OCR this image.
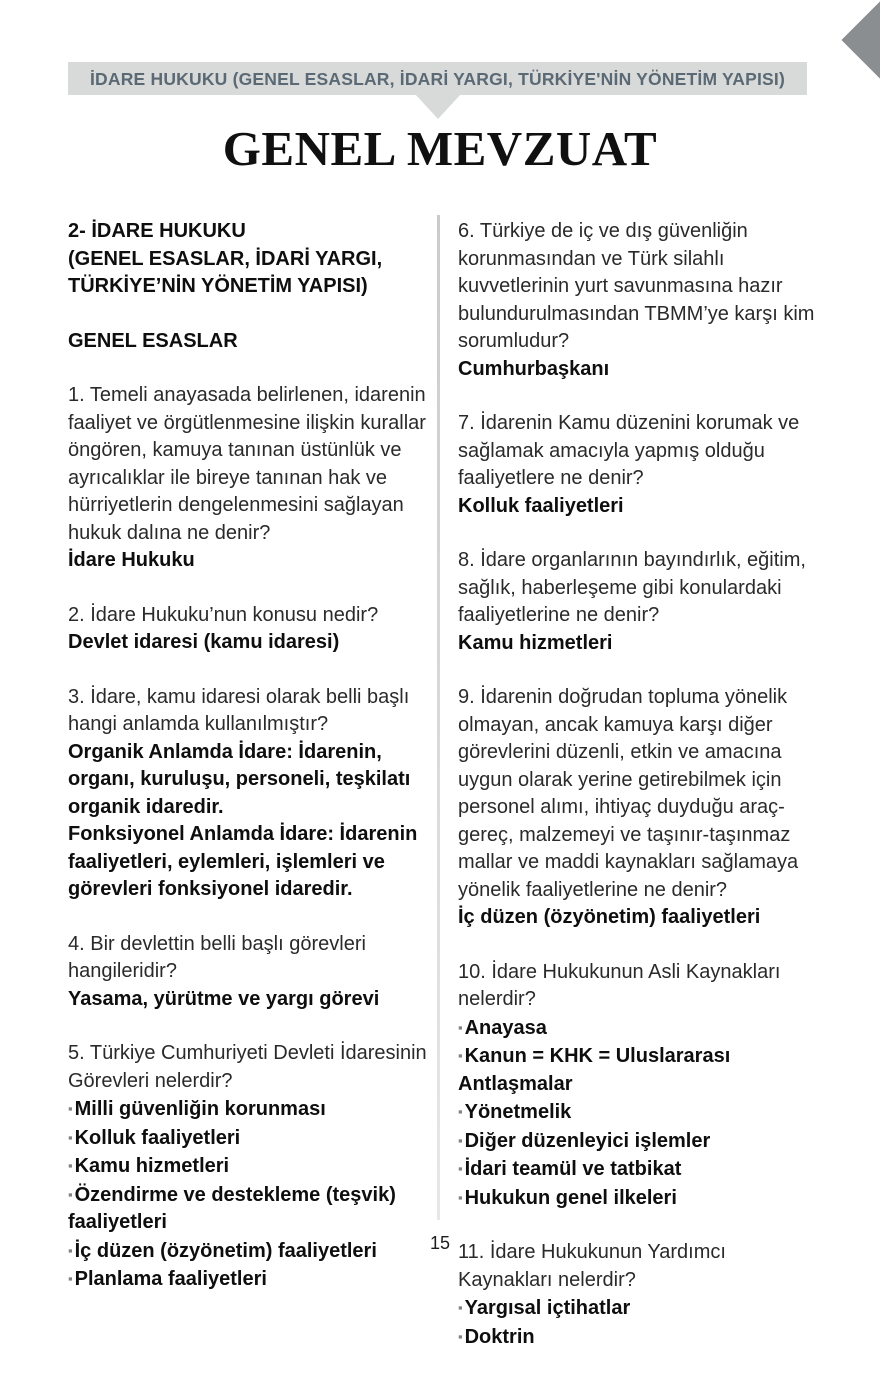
İDARE HUKUKU (GENEL ESASLAR, İDARİ YARGI, TÜRKİYE'NİN YÖNETİM YAPISI)
GENEL MEVZUAT
2- İDARE HUKUKU
(GENEL ESASLAR, İDARİ YARGI,
TÜRKİYE’NİN YÖNETİM YAPISI)
GENEL ESASLAR
1. Temeli anayasada belirlenen, idarenin faaliyet ve örgütlenmesine ilişkin kurallar öngören, kamuya tanınan üstünlük ve ayrıcalıklar ile bireye tanınan hak ve hürriyetlerin dengelenmesini sağlayan hukuk dalına ne denir?
İdare Hukuku
2. İdare Hukuku’nun konusu nedir?
Devlet idaresi (kamu idaresi)
3. İdare, kamu idaresi olarak belli başlı hangi anlamda kullanılmıştır?
Organik Anlamda İdare: İdarenin, organı, kuruluşu, personeli, teşkilatı organik idaredir.
Fonksiyonel Anlamda İdare: İdarenin faaliyetleri, eylemleri, işlemleri ve görevleri fonksiyonel idaredir.
4. Bir devlettin belli başlı görevleri hangileridir?
Yasama, yürütme ve yargı görevi
5. Türkiye Cumhuriyeti Devleti İdaresinin Görevleri nelerdir?
▪ Milli güvenliğin korunması
▪ Kolluk faaliyetleri
▪ Kamu hizmetleri
▪ Özendirme ve destekleme (teşvik) faaliyetleri
▪ İç düzen (özyönetim) faaliyetleri
▪ Planlama faaliyetleri
6. Türkiye de iç ve dış güvenliğin korunmasından ve Türk silahlı kuvvetlerinin yurt savunmasına hazır bulundurulmasından TBMM’ye karşı kim sorumludur?
Cumhurbaşkanı
7. İdarenin Kamu düzenini korumak ve sağlamak amacıyla yapmış olduğu faaliyetlere ne denir?
Kolluk faaliyetleri
8. İdare organlarının bayındırlık, eğitim, sağlık, haberleşeme gibi konulardaki faaliyetlerine ne denir?
Kamu hizmetleri
9. İdarenin doğrudan topluma yönelik olmayan, ancak kamuya karşı diğer görevlerini düzenli, etkin ve amacına uygun olarak yerine getirebilmek için personel alımı, ihtiyaç duyduğu araç-gereç, malzemeyi ve taşınır-taşınmaz mallar ve maddi kaynakları sağlamaya yönelik faaliyetlerine ne denir?
İç düzen (özyönetim) faaliyetleri
10. İdare Hukukunun Asli Kaynakları nelerdir?
▪ Anayasa
▪ Kanun = KHK = Uluslararası Antlaşmalar
▪ Yönetmelik
▪ Diğer düzenleyici işlemler
▪ İdari teamül ve tatbikat
▪ Hukukun genel ilkeleri
11. İdare Hukukunun Yardımcı Kaynakları nelerdir?
▪ Yargısal içtihatlar
▪ Doktrin
15
